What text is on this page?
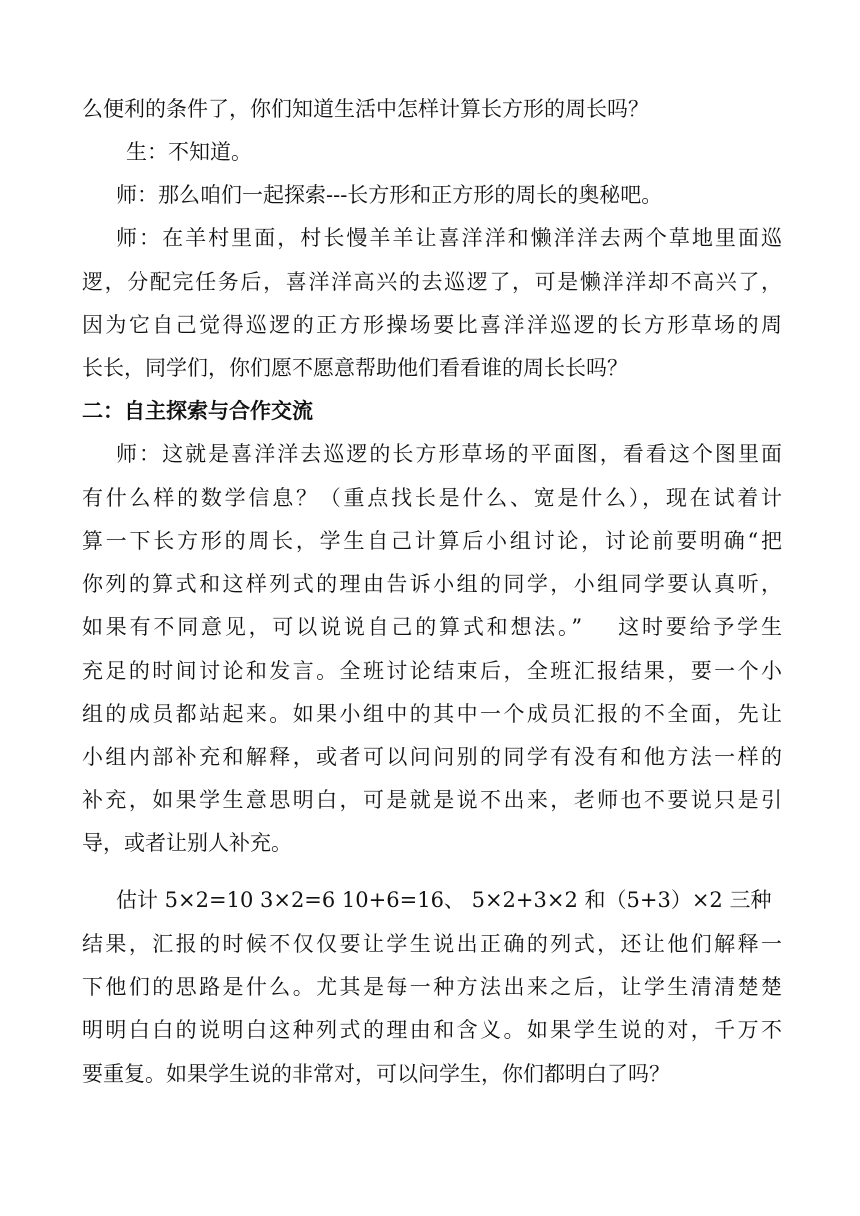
么便利的条件了，你们知道生活中怎样计算长方形的周长吗？
生：不知道。
师：那么咱们一起探索---长方形和正方形的周长的奥秘吧。
师：在羊村里面，村长慢羊羊让喜洋洋和懒洋洋去两个草地里面巡
逻，分配完任务后，喜洋洋高兴的去巡逻了，可是懒洋洋却不高兴了，
因为它自己觉得巡逻的正方形操场要比喜洋洋巡逻的长方形草场的周
长长，同学们，你们愿不愿意帮助他们看看谁的周长长吗？
二：自主探索与合作交流
师：这就是喜洋洋去巡逻的长方形草场的平面图，看看这个图里面
有什么样的数学信息？（重点找长是什么、宽是什么），现在试着计
算一下长方形的周长，学生自己计算后小组讨论，讨论前要明确“把
你列的算式和这样列式的理由告诉小组的同学，小组同学要认真听，
如果有不同意见，可以说说自己的算式和想法。”　 这时要给予学生
充足的时间讨论和发言。全班讨论结束后，全班汇报结果，要一个小
组的成员都站起来。如果小组中的其中一个成员汇报的不全面，先让
小组内部补充和解释，或者可以问问别的同学有没有和他方法一样的
补充，如果学生意思明白，可是就是说不出来，老师也不要说只是引
导，或者让别人补充。
估计 5×2=10 3×2=6 10+6=16、 5×2+3×2 和（5+3）×2 三种
结果，汇报的时候不仅仅要让学生说出正确的列式，还让他们解释一
下他们的思路是什么。尤其是每一种方法出来之后，让学生清清楚楚
明明白白的说明白这种列式的理由和含义。如果学生说的对，千万不
要重复。如果学生说的非常对，可以问学生，你们都明白了吗？
